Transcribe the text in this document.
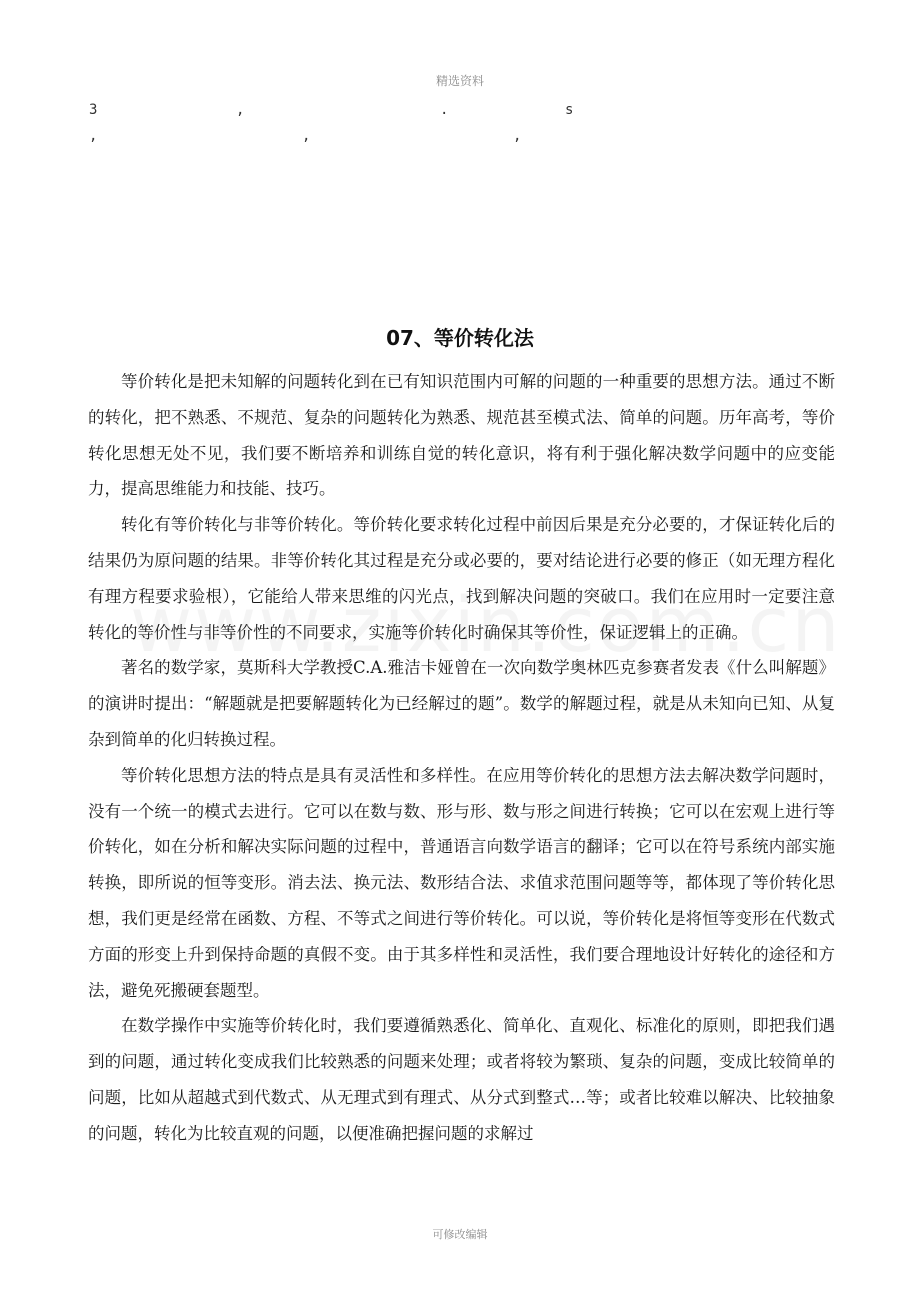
精选资料
3	,	.	s
,	,	,
07、等价转化法

等价转化是把未知解的问题转化到在已有知识范围内可解的问题的一种重要的思想方法。通过不断的转化，把不熟悉、不规范、复杂的问题转化为熟悉、规范甚至模式法、简单的问题。历年高考，等价转化思想无处不见，我们要不断培养和训练自觉的转化意识，将有利于强化解决数学问题中的应变能力，提高思维能力和技能、技巧。

转化有等价转化与非等价转化。等价转化要求转化过程中前因后果是充分必要的，才保证转化后的结果仍为原问题的结果。非等价转化其过程是充分或必要的，要对结论进行必要的修正（如无理方程化有理方程要求验根），它能给人带来思维的闪光点，找到解决问题的突破口。我们在应用时一定要注意转化的等价性与非等价性的不同要求，实施等价转化时确保其等价性，保证逻辑上的正确。

著名的数学家，莫斯科大学教授C.A.雅洁卡娅曾在一次向数学奥林匹克参赛者发表《什么叫解题》的演讲时提出：“解题就是把要解题转化为已经解过的题”。数学的解题过程，就是从未知向已知、从复杂到简单的化归转换过程。

等价转化思想方法的特点是具有灵活性和多样性。在应用等价转化的思想方法去解决数学问题时，没有一个统一的模式去进行。它可以在数与数、形与形、数与形之间进行转换；它可以在宏观上进行等价转化，如在分析和解决实际问题的过程中，普通语言向数学语言的翻译；它可以在符号系统内部实施转换，即所说的恒等变形。消去法、换元法、数形结合法、求值求范围问题等等，都体现了等价转化思想，我们更是经常在函数、方程、不等式之间进行等价转化。可以说，等价转化是将恒等变形在代数式方面的形变上升到保持命题的真假不变。由于其多样性和灵活性，我们要合理地设计好转化的途径和方法，避免死搬硬套题型。

在数学操作中实施等价转化时，我们要遵循熟悉化、简单化、直观化、标准化的原则，即把我们遇到的问题，通过转化变成我们比较熟悉的问题来处理；或者将较为繁琐、复杂的问题，变成比较简单的问题，比如从超越式到代数式、从无理式到有理式、从分式到整式…等；或者比较难以解决、比较抽象的问题，转化为比较直观的问题，以便准确把握问题的求解过

可修改编辑
